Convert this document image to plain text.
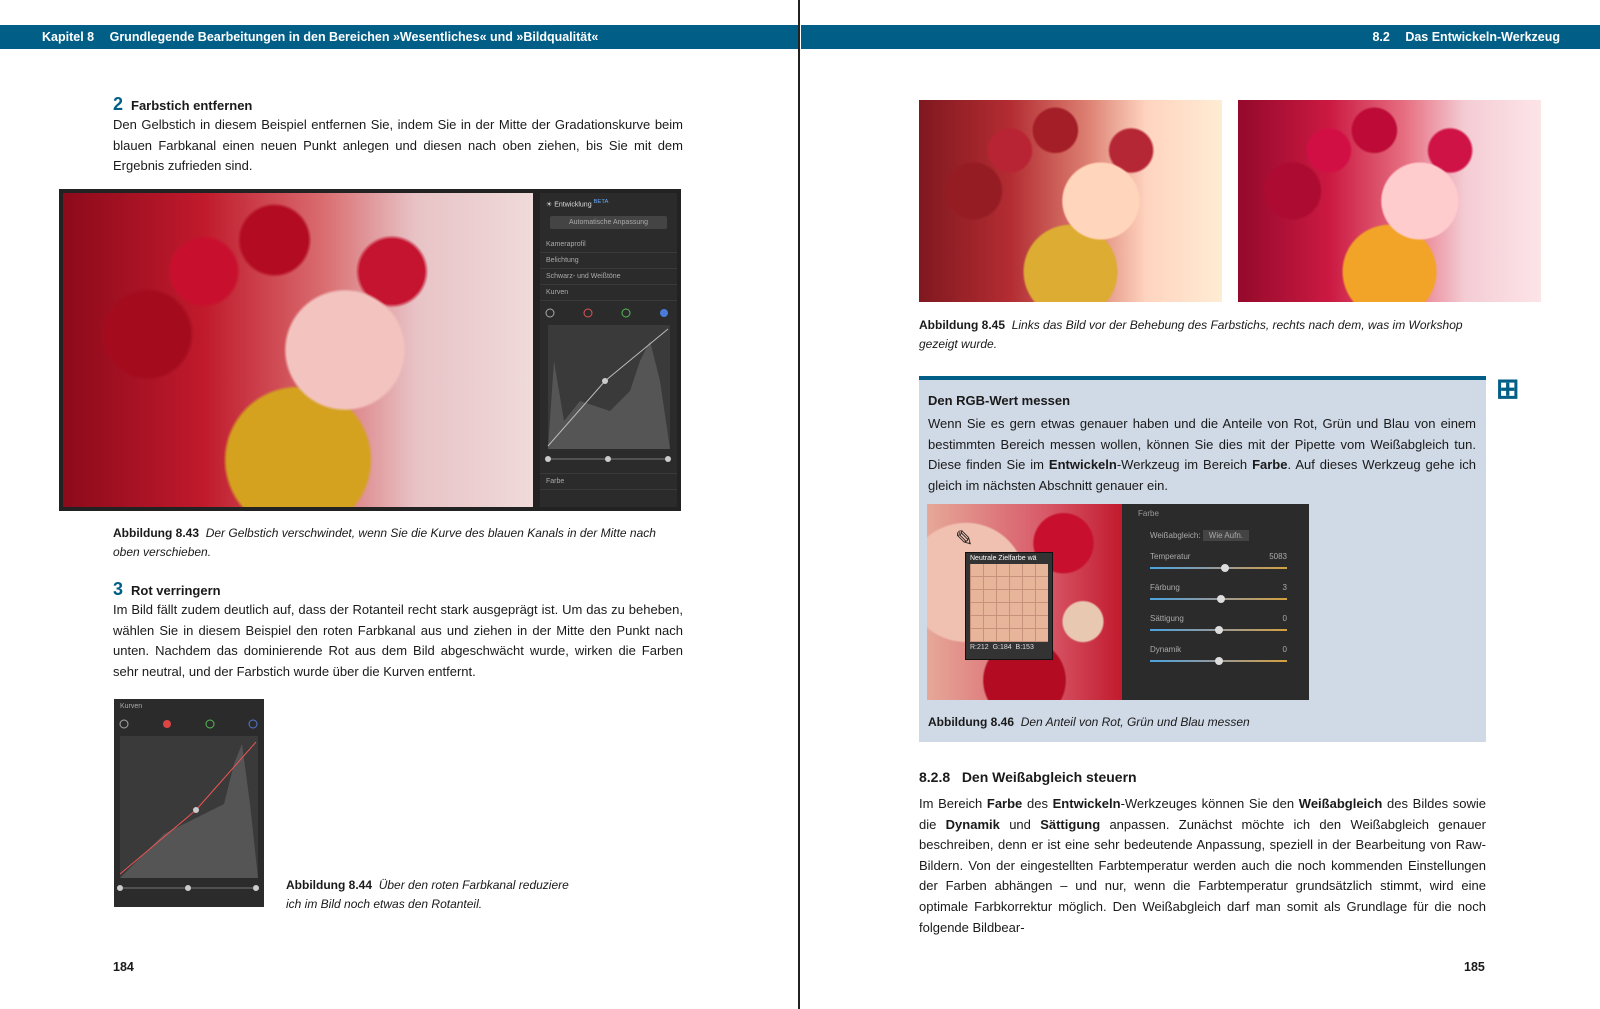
Kapitel 8 Grundlegende Bearbeitungen in den Bereichen »Wesentliches« und »Bildqualität«	8.2 Das Entwickeln-Werkzeug
2 Farbstich entfernen
Den Gelbstich in diesem Beispiel entfernen Sie, indem Sie in der Mitte der Gradationskurve beim blauen Farbkanal einen neuen Punkt anlegen und diesen nach oben ziehen, bis Sie mit dem Ergebnis zufrieden sind.
☀ Entwicklung $^{BETA}$
Automatische Anpassung
Kameraprofil
Belichtung
Schwarz- und Weißtöne
Kurven
Farbe
Abbildung 8.43 Der Gelbstich verschwindet, wenn Sie die Kurve des blauen Kanals in der Mitte nach oben verschieben.
3 Rot verringern
Im Bild fällt zudem deutlich auf, dass der Rotanteil recht stark ausgeprägt ist. Um das zu beheben, wählen Sie in diesem Beispiel den roten Farbkanal aus und ziehen in der Mitte den Punkt nach unten. Nachdem das dominierende Rot aus dem Bild abgeschwächt wurde, wirken die Farben sehr neutral, und der Farbstich wurde über die Kurven entfernt.
Kurven
Abbildung 8.44 Über den roten Farbkanal reduziere ich im Bild noch etwas den Rotanteil.
184
Abbildung 8.45 Links das Bild vor der Behebung des Farbstichs, rechts nach dem, was im Workshop gezeigt wurde.
Den RGB-Wert messen
Wenn Sie es gern etwas genauer haben und die Anteile von Rot, Grün und Blau von einem bestimmten Bereich messen wollen, können Sie dies mit der Pipette vom Weißabgleich tun. Diese finden Sie im Entwickeln-Werkzeug im Bereich Farbe. Auf dieses Werkzeug gehe ich gleich im nächsten Abschnitt genauer ein.
✎
Neutrale Zielfarbe wä
R:212 G:184 B:153
Farbe
Weißabgleich: Wie Aufn.
Temperatur	5083
Färbung	3
Sättigung	0
Dynamik	0
Abbildung 8.46 Den Anteil von Rot, Grün und Blau messen
⊞
8.2.8 Den Weißabgleich steuern
Im Bereich Farbe des Entwickeln-Werkzeuges können Sie den Weißabgleich des Bildes sowie die Dynamik und Sättigung anpassen. Zunächst möchte ich den Weißabgleich genauer beschreiben, denn er ist eine sehr bedeutende Anpassung, speziell in der Bearbeitung von Raw-Bildern. Von der eingestellten Farbtemperatur werden auch die noch kommenden Einstellungen der Farben abhängen – und nur, wenn die Farbtemperatur grundsätzlich stimmt, wird eine optimale Farbkorrektur möglich. Den Weißabgleich darf man somit als Grundlage für die noch folgende Bildbear-
185
